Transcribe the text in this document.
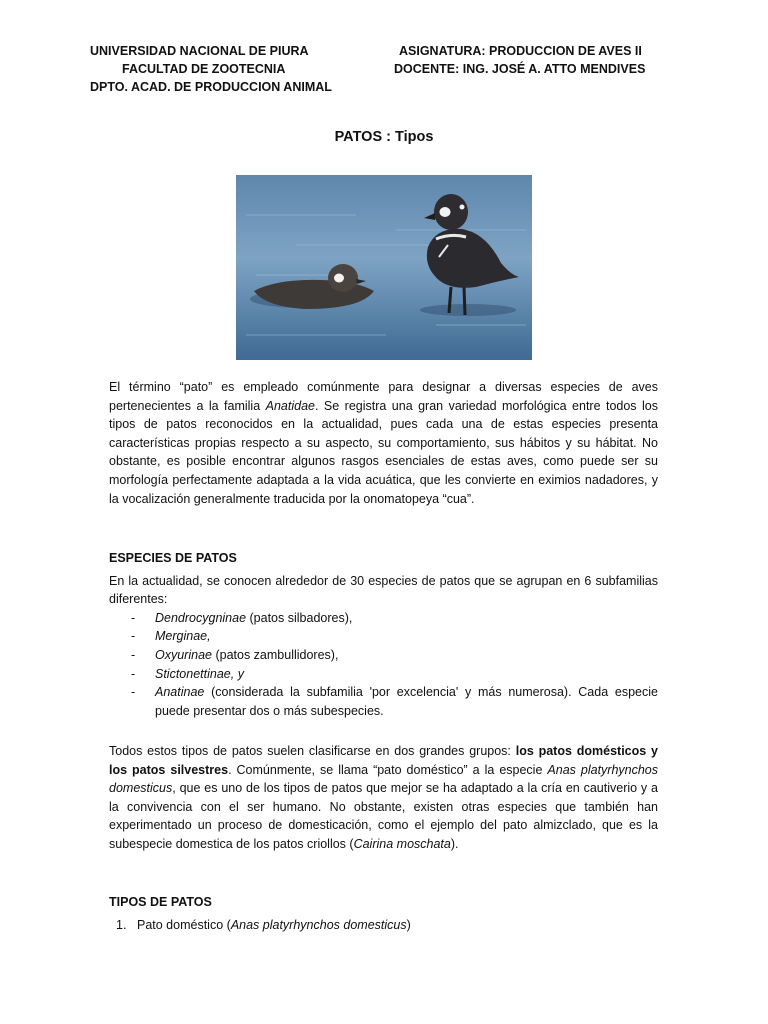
UNIVERSIDAD NACIONAL DE PIURA
FACULTAD DE ZOOTECNIA
DPTO. ACAD. DE PRODUCCION ANIMAL
ASIGNATURA: PRODUCCION DE AVES II
DOCENTE: ING. JOSÉ A. ATTO MENDIVES
PATOS : Tipos

El término “pato” es empleado comúnmente para designar a diversas especies de aves pertenecientes a la familia Anatidae. Se registra una gran variedad morfológica entre todos los tipos de patos reconocidos en la actualidad, pues cada una de estas especies presenta características propias respecto a su aspecto, su comportamiento, sus hábitos y su hábitat. No obstante, es posible encontrar algunos rasgos esenciales de estas aves, como puede ser su morfología perfectamente adaptada a la vida acuática, que les convierte en eximios nadadores, y la vocalización generalmente traducida por la onomatopeya “cua”.

ESPECIES DE PATOS

En la actualidad, se conocen alrededor de 30 especies de patos que se agrupan en 6 subfamilias diferentes:

- Dendrocygninae (patos silbadores),
- Merginae,
- Oxyurinae (patos zambullidores),
- Stictonettinae, y
- Anatinae (considerada la subfamilia 'por excelencia' y más numerosa). Cada especie puede presentar dos o más subespecies.

Todos estos tipos de patos suelen clasificarse en dos grandes grupos: los patos domésticos y los patos silvestres. Comúnmente, se llama “pato doméstico” a la especie Anas platyrhynchos domesticus, que es uno de los tipos de patos que mejor se ha adaptado a la cría en cautiverio y a la convivencia con el ser humano. No obstante, existen otras especies que también han experimentado un proceso de domesticación, como el ejemplo del pato almizclado, que es la subespecie domestica de los patos criollos (Cairina moschata).

TIPOS DE PATOS

1. Pato doméstico (Anas platyrhynchos domesticus)
